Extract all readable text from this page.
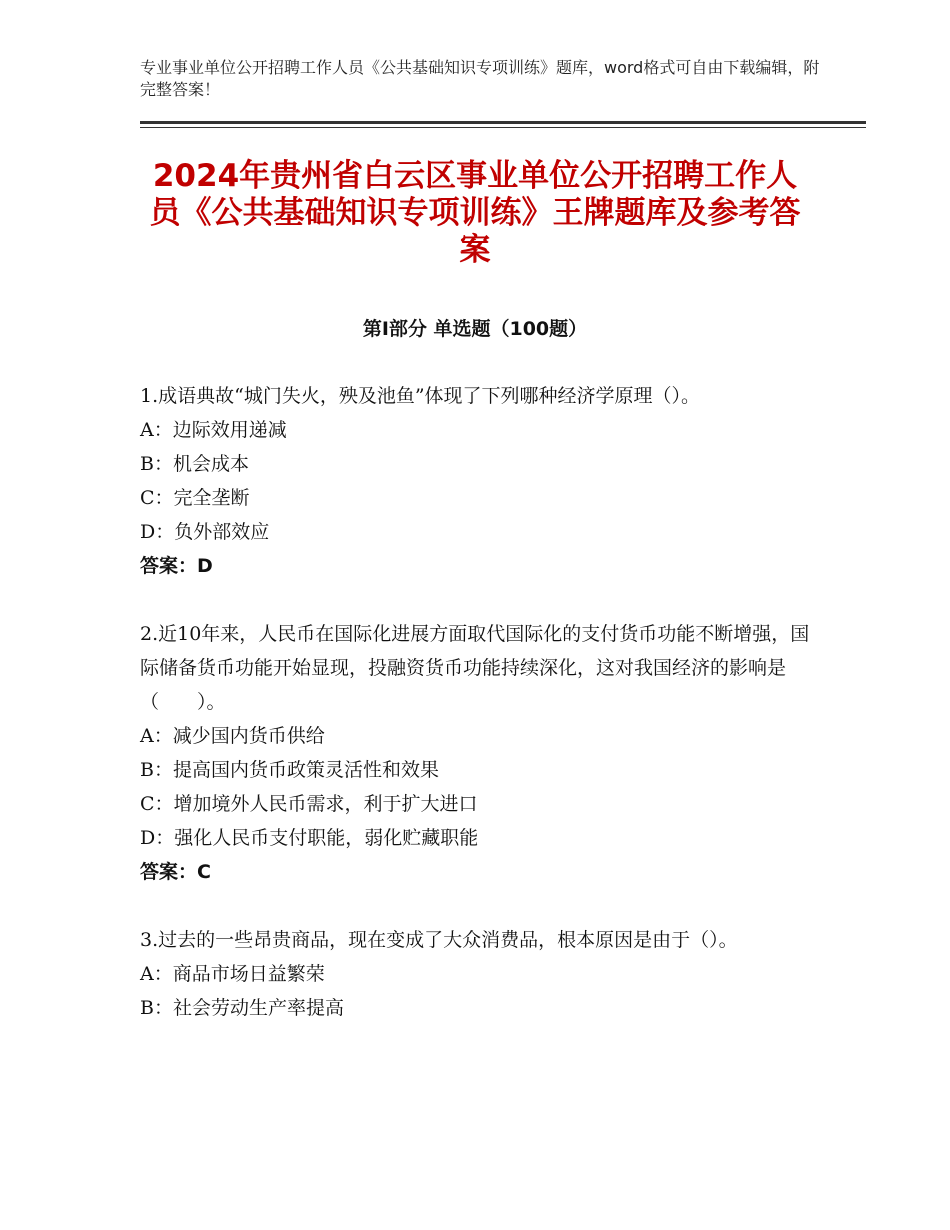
专业事业单位公开招聘工作人员《公共基础知识专项训练》题库，word格式可自由下载编辑，附完整答案！
2024年贵州省白云区事业单位公开招聘工作人员《公共基础知识专项训练》王牌题库及参考答案
第Ⅰ部分 单选题（100题）

1.成语典故“城门失火，殃及池鱼”体现了下列哪种经济学原理（）。

A：边际效用递减

B：机会成本

C：完全垄断

D：负外部效应

答案：D

2.近10年来，人民币在国际化进展方面取代国际化的支付货币功能不断增强，国际储备货币功能开始显现，投融资货币功能持续深化，这对我国经济的影响是（　　）。

A：减少国内货币供给

B：提高国内货币政策灵活性和效果

C：增加境外人民币需求，利于扩大进口

D：强化人民币支付职能，弱化贮藏职能

答案：C

3.过去的一些昂贵商品，现在变成了大众消费品，根本原因是由于（）。

A：商品市场日益繁荣

B：社会劳动生产率提高
